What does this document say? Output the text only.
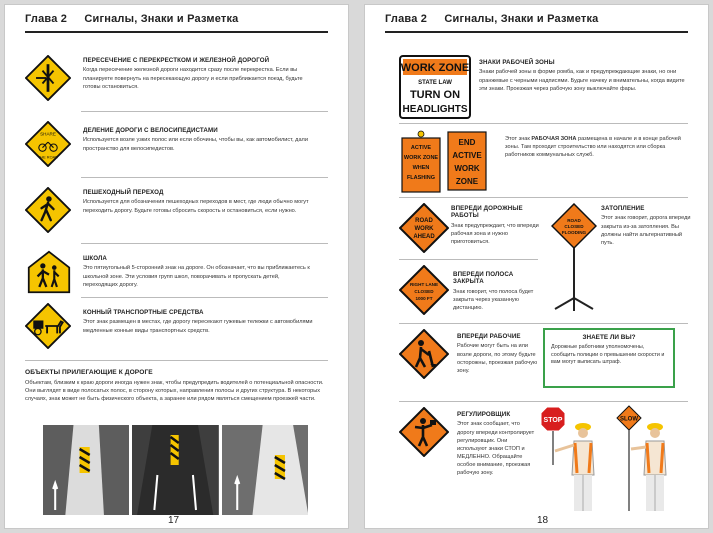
Глава 2 Сигналы, Знаки и Разметка
ПЕРЕСЕЧЕНИЕ С ПЕРЕКРЕСТКОМ И ЖЕЛЕЗНОЙ ДОРОГОЙ
Когда пересечение железной дороги находится сразу после перекрестка. Если вы планируете повернуть на пересекающую дорогу и если приближается поезд, будьте готовы остановиться.
SHARE
THE ROAD
ДЕЛЕНИЕ ДОРОГИ С ВЕЛОСИПЕДИСТАМИ
Используется возле узких полос или если обочины, чтобы вы, как автомобилист, дали пространство для велосипедистов.
ПЕШЕХОДНЫЙ ПЕРЕХОД
Используется для обозначения пешеходных переходов в мест, где люди обычно могут переходить дорогу. Будьте готовы сбросить скорость и остановиться, если нужно.
ШКОЛА
Это пятиугольный 5-сторонний знак на дороге. Он обозначает, что вы приближаетесь к школьной зоне. Эти условия групп школ, поворачивать и пропускать детей, переходящих дорогу.
КОННЫЙ ТРАНСПОРТНЫЕ СРЕДСТВА
Этот знак размещен в местах, где дорогу пересекают гужевые тележки с автомобилями медленные конные виды транспортных средств.
ОБЪЕКТЫ ПРИЛЕГАЮЩИЕ К ДОРОГЕ
Объектам, близким к краю дороги иногда нужен знак, чтобы предупредить водителей о потенциальной опасности. Они выглядят в виде полосатых полос, в сторону которых, направления полосы и других структура. В некоторых случаях, знак может не быть физического объекта, а заранее или рядом являться смещением проезжей части.
17
Глава 2 Сигналы, Знаки и Разметка
WORK ZONE
STATE LAW
TURN ON
HEADLIGHTS
ЗНАКИ РАБОЧЕЙ ЗОНЫ
Знаки рабочей зоны в форме ромба, как и предупреждающие знаки, но они оранжевые с черными надписями. Будьте начеку и внимательны, когда видите эти знаки. Проезжая через рабочую зону выключайте фары.
ACTIVE
WORK ZONE
WHEN
FLASHING
END
ACTIVE
WORK
ZONE
Этот знак РАБОЧАЯ ЗОНА размещена в начале и в конце рабочей зоны. Там проходит строительство или находятся или сборка работников коммунальных служб.
ROAD
WORK
AHEAD
ВПЕРЕДИ ДОРОЖНЫЕ РАБОТЫ
Знак предупреждает, что впереди рабочая зона и нужно приготовиться.
ROAD
CLOSED
FLOODING
ЗАТОПЛЕНИЕ
Этот знак говорит, дорога впереди закрыта из-за затопления. Вы должны найти альтернативный путь.
RIGHT LANE
CLOSED
1000 FT
ВПЕРЕДИ ПОЛОСА ЗАКРЫТА
Знак говорит, что полоса будет закрыта через указанную дистанцию.
ВПЕРЕДИ РАБОЧИЕ
Рабочие могут быть на или возле дороги, по этому будьте осторожны, проезжая рабочую зону.
ЗНАЕТЕ ЛИ ВЫ?
Дорожные работники уполномочены, сообщить полиции о превышении скорости и вам могут выписать штраф.
РЕГУЛИРОВЩИК
Этот знак сообщает, что дорогу впереди контролирует регулировщик. Они используют знаки СТОП и МЕДЛЕННО. Обращайте особое внимание, проезжая рабочую зону.
STOP	SLOW
18
